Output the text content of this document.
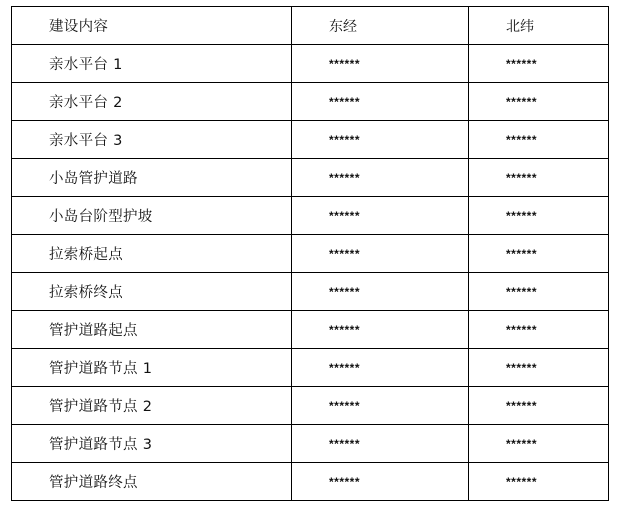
建设内容	东经	北纬
亲水平台 1	******	******
亲水平台 2	******	******
亲水平台 3	******	******
小岛管护道路	******	******
小岛台阶型护坡	******	******
拉索桥起点	******	******
拉索桥终点	******	******
管护道路起点	******	******
管护道路节点 1	******	******
管护道路节点 2	******	******
管护道路节点 3	******	******
管护道路终点	******	******
